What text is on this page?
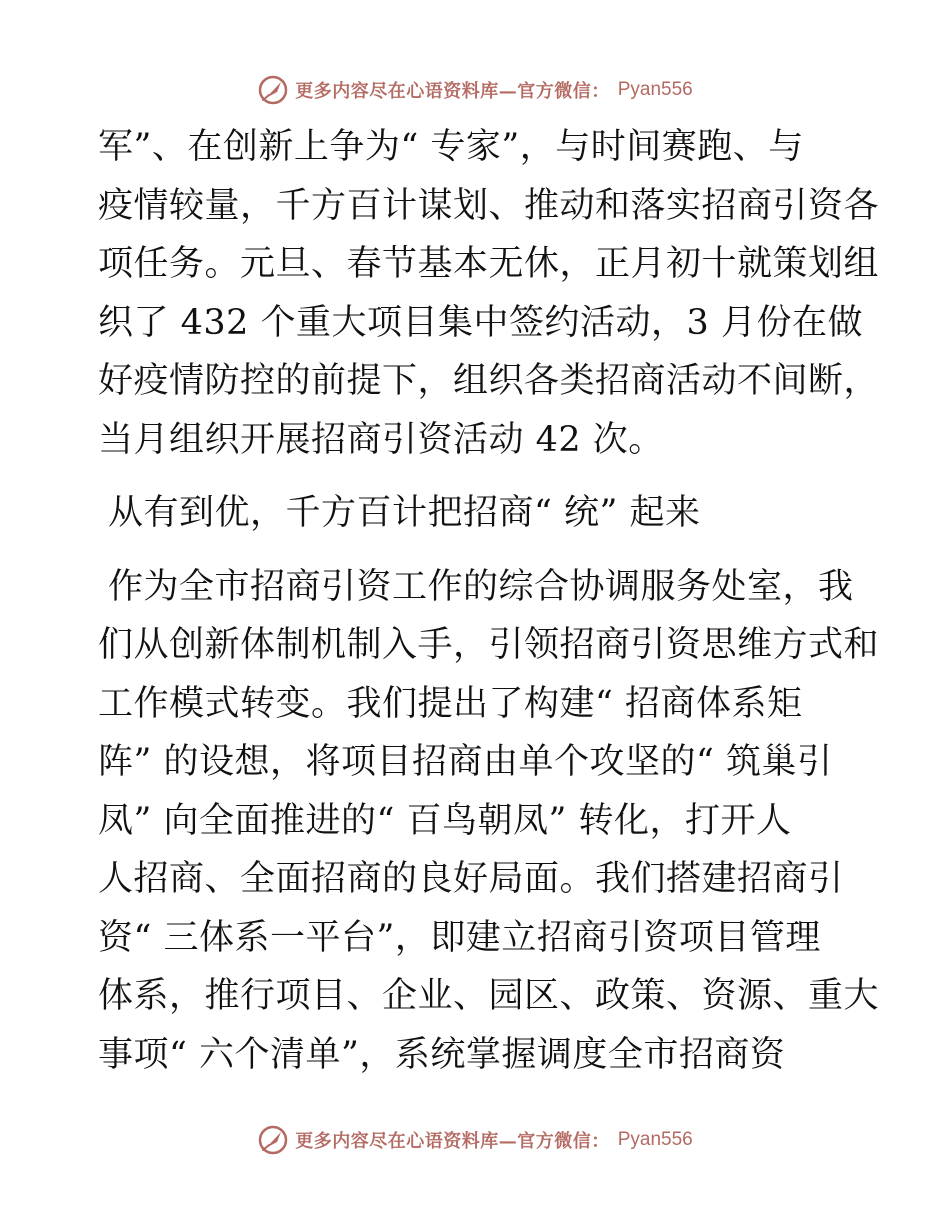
更多内容尽在心语资料库—官方微信： Pyan556
军”、在创新上争为“ 专家”，与时间赛跑、与
疫情较量，千方百计谋划、推动和落实招商引资各
项任务。元旦、春节基本无休，正月初十就策划组
织了 432 个重大项目集中签约活动，3 月份在做
好疫情防控的前提下，组织各类招商活动不间断，
当月组织开展招商引资活动 42 次。
从有到优，千方百计把招商“ 统” 起来
作为全市招商引资工作的综合协调服务处室，我
们从创新体制机制入手，引领招商引资思维方式和
工作模式转变。我们提出了构建“ 招商体系矩
阵” 的设想，将项目招商由单个攻坚的“ 筑巢引
凤” 向全面推进的“ 百鸟朝凤” 转化，打开人
人招商、全面招商的良好局面。我们搭建招商引
资“ 三体系一平台”，即建立招商引资项目管理
体系，推行项目、企业、园区、政策、资源、重大
事项“ 六个清单”，系统掌握调度全市招商资
更多内容尽在心语资料库—官方微信： Pyan556
